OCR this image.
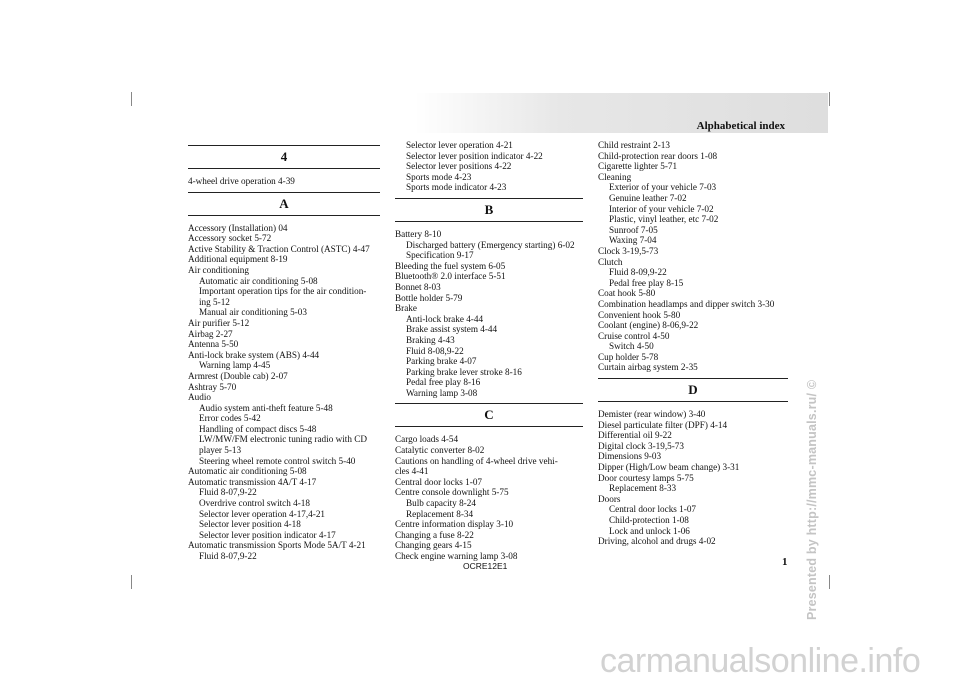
Alphabetical index
4
4-wheel drive operation 4-39
A
Accessory (Installation) 04
Accessory socket 5-72
Active Stability & Traction Control (ASTC) 4-47
Additional equipment 8-19
Air conditioning
Automatic air conditioning 5-08
Important operation tips for the air condition-
ing 5-12
Manual air conditioning 5-03
Air purifier 5-12
Airbag 2-27
Antenna 5-50
Anti-lock brake system (ABS) 4-44
Warning lamp 4-45
Armrest (Double cab) 2-07
Ashtray 5-70
Audio
Audio system anti-theft feature 5-48
Error codes 5-42
Handling of compact discs 5-48
LW/MW/FM electronic tuning radio with CD
player 5-13
Steering wheel remote control switch 5-40
Automatic air conditioning 5-08
Automatic transmission 4A/T 4-17
Fluid 8-07,9-22
Overdrive control switch 4-18
Selector lever operation 4-17,4-21
Selector lever position 4-18
Selector lever position indicator 4-17
Automatic transmission Sports Mode 5A/T 4-21
Fluid 8-07,9-22
Selector lever operation 4-21
Selector lever position indicator 4-22
Selector lever positions 4-22
Sports mode 4-23
Sports mode indicator 4-23
B
Battery 8-10
Discharged battery (Emergency starting) 6-02
Specification 9-17
Bleeding the fuel system 6-05
Bluetooth® 2.0 interface 5-51
Bonnet 8-03
Bottle holder 5-79
Brake
Anti-lock brake 4-44
Brake assist system 4-44
Braking 4-43
Fluid 8-08,9-22
Parking brake 4-07
Parking brake lever stroke 8-16
Pedal free play 8-16
Warning lamp 3-08
C
Cargo loads 4-54
Catalytic converter 8-02
Cautions on handling of 4-wheel drive vehi-
cles 4-41
Central door locks 1-07
Centre console downlight 5-75
Bulb capacity 8-24
Replacement 8-34
Centre information display 3-10
Changing a fuse 8-22
Changing gears 4-15
Check engine warning lamp 3-08
Child restraint 2-13
Child-protection rear doors 1-08
Cigarette lighter 5-71
Cleaning
Exterior of your vehicle 7-03
Genuine leather 7-02
Interior of your vehicle 7-02
Plastic, vinyl leather, etc 7-02
Sunroof 7-05
Waxing 7-04
Clock 3-19,5-73
Clutch
Fluid 8-09,9-22
Pedal free play 8-15
Coat hook 5-80
Combination headlamps and dipper switch 3-30
Convenient hook 5-80
Coolant (engine) 8-06,9-22
Cruise control 4-50
Switch 4-50
Cup holder 5-78
Curtain airbag system 2-35
D
Demister (rear window) 3-40
Diesel particulate filter (DPF) 4-14
Differential oil 9-22
Digital clock 3-19,5-73
Dimensions 9-03
Dipper (High/Low beam change) 3-31
Door courtesy lamps 5-75
Replacement 8-33
Doors
Central door locks 1-07
Child-protection 1-08
Lock and unlock 1-06
Driving, alcohol and drugs 4-02
OCRE12E1	1 Presented by http://mmc-manuals.ru/ ©
carmanualsonline.info
